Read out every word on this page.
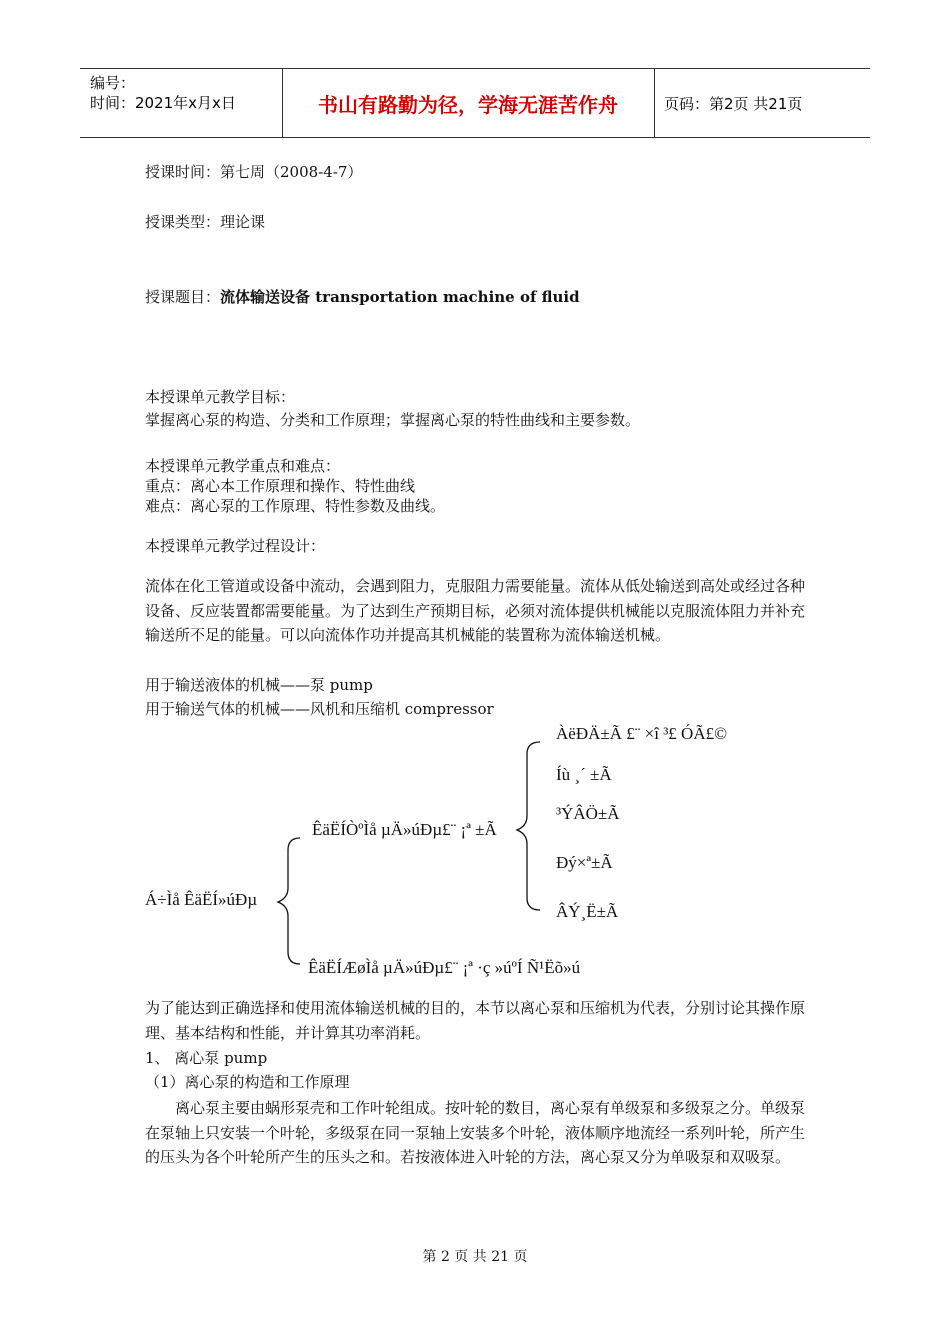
编号：
时间：2021年x月x日	书山有路勤为径，学海无涯苦作舟	页码：第2页 共21页
授课时间：第七周（2008-4-7）
授课类型：理论课
授课题目：流体输送设备 transportation machine of fluid
本授课单元教学目标：
掌握离心泵的构造、分类和工作原理；掌握离心泵的特性曲线和主要参数。
本授课单元教学重点和难点：
重点：离心本工作原理和操作、特性曲线
难点：离心泵的工作原理、特性参数及曲线。
本授课单元教学过程设计：
流体在化工管道或设备中流动，会遇到阻力，克服阻力需要能量。流体从低处输送到高处或经过各种设备、反应装置都需要能量。为了达到生产预期目标，必须对流体提供机械能以克服流体阻力并补充输送所不足的能量。可以向流体作功并提高其机械能的装置称为流体输送机械。
用于输送液体的机械——泵 pump
用于输送气体的机械——风机和压缩机 compressor
Á÷Ìå ÊäËÍ»úÐµ
ÊäËÍÒºÌå µÄ»úÐµ£¨ ¡ª ±Ã
ÊäËÍÆøÌå µÄ»úÐµ£¨ ¡ª ·ç »úºÍ Ñ¹Ëõ»ú
ÀëÐÄ±Ã £¨ ×î ³£ ÓÃ£©
Íù ¸´ ±Ã
³ÝÂÖ±Ã
Ðý×ª±Ã
ÂÝ¸Ë±Ã
为了能达到正确选择和使用流体输送机械的目的，本节以离心泵和压缩机为代表，分别讨论其操作原理、基本结构和性能，并计算其功率消耗。
1、 离心泵 pump
（1）离心泵的构造和工作原理
离心泵主要由蜗形泵壳和工作叶轮组成。按叶轮的数目，离心泵有单级泵和多级泵之分。单级泵在泵轴上只安装一个叶轮，多级泵在同一泵轴上安装多个叶轮，液体顺序地流经一系列叶轮，所产生的压头为各个叶轮所产生的压头之和。若按液体进入叶轮的方法，离心泵又分为单吸泵和双吸泵。
第 2 页 共 21 页
